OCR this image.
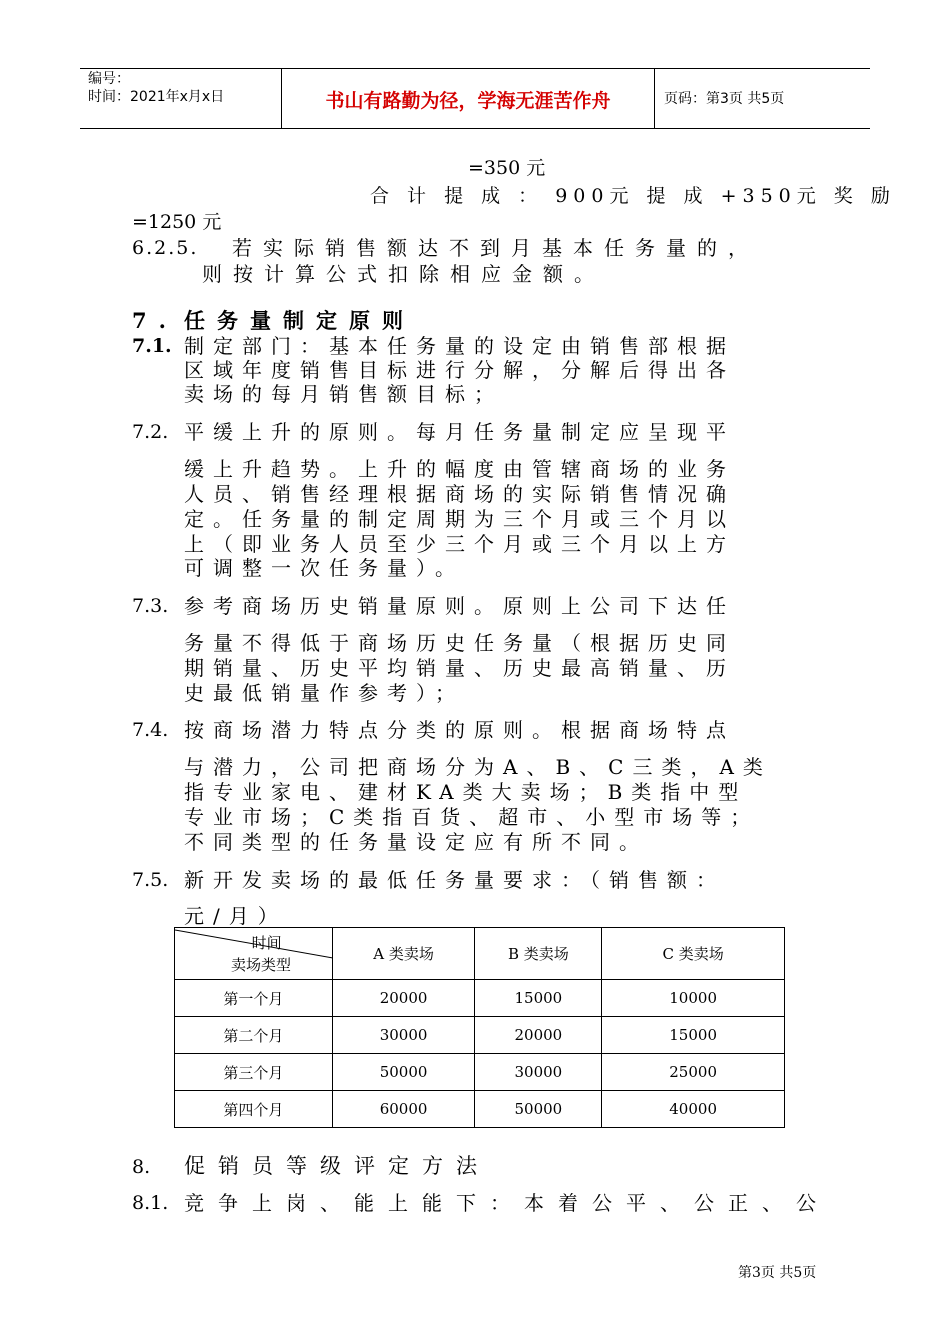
编号：
时间：2021年x月x日	书山有路勤为径，学海无涯苦作舟	页码：第3页 共5页
=350 元
合 计 提 成 ： 900元 提 成 +350元 奖 励
=1250 元
6.2.5. 若实际销售额达不到月基本任务量的，
则按计算公式扣除相应金额。
7. 任务量制定原则
7.1. 制定部门：基本任务量的设定由销售部根据
区域年度销售目标进行分解，分解后得出各
卖场的每月销售额目标；
7.2. 平缓上升的原则。每月任务量制定应呈现平
缓上升趋势。上升的幅度由管辖商场的业务
人员、销售经理根据商场的实际销售情况确
定。任务量的制定周期为三个月或三个月以
上（即业务人员至少三个月或三个月以上方
可调整一次任务量）。
7.3. 参考商场历史销量原则。原则上公司下达任
务量不得低于商场历史任务量（根据历史同
期销量、历史平均销量、历史最高销量、历
史最低销量作参考）；
7.4. 按商场潜力特点分类的原则。根据商场特点
与潜力，公司把商场分为A、B、C三类，A类
指专业家电、建材KA类大卖场；B类指中型
专业市场；C类指百货、超市、小型市场等；
不同类型的任务量设定应有所不同。
7.5. 新开发卖场的最低任务量要求：（销售额：
元/月）
时间
卖场类型	A 类卖场	B 类卖场	C 类卖场
第一个月	20000	15000	10000
第二个月	30000	20000	15000
第三个月	50000	30000	25000
第四个月	60000	50000	40000
8. 促销员等级评定方法
8.1. 竞争上岗、能上能下：本着公平、公正、公
第3页 共5页
